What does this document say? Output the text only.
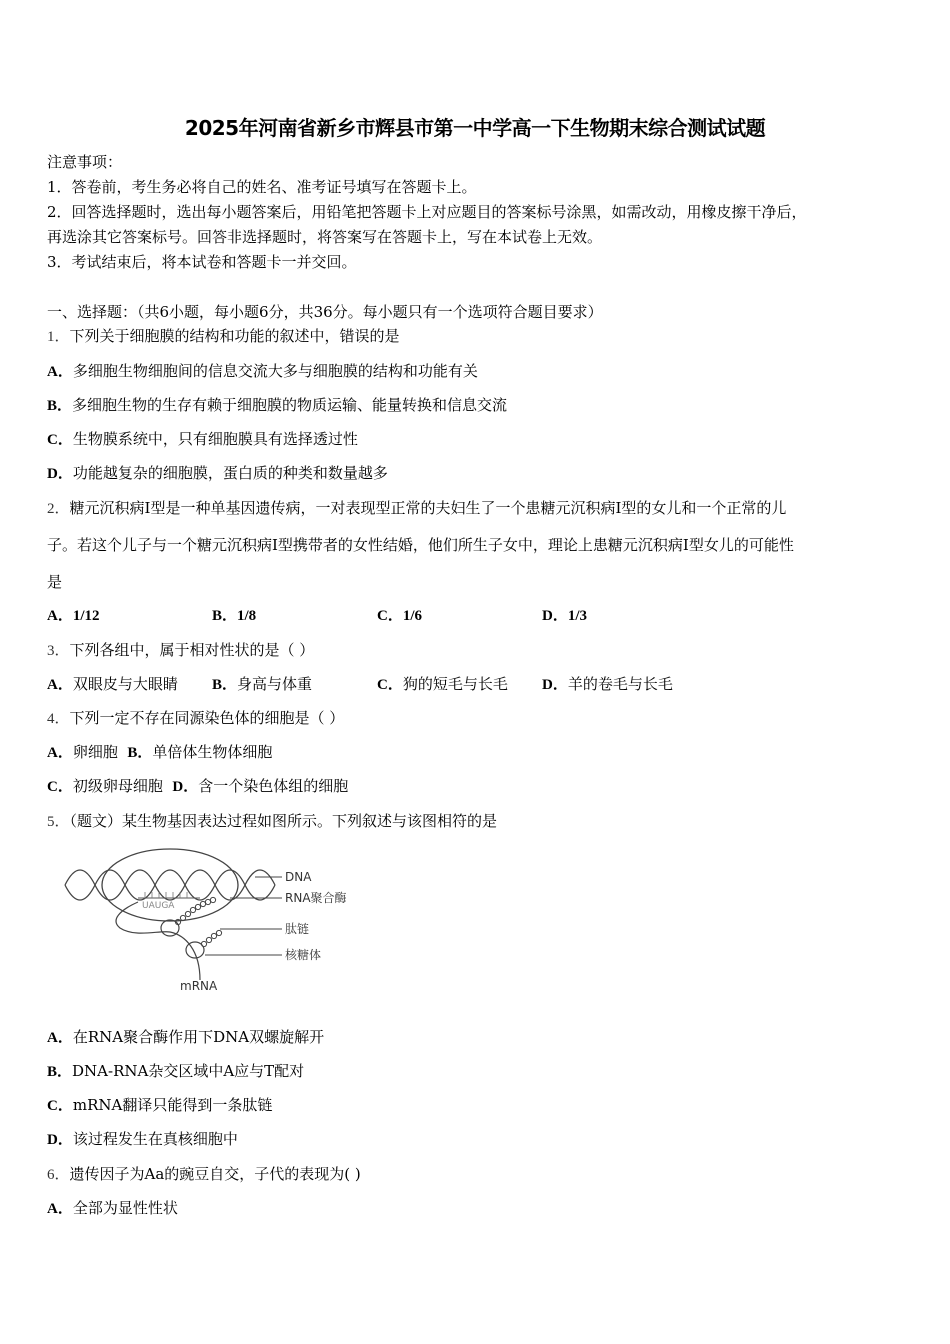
2025年河南省新乡市辉县市第一中学高一下生物期末综合测试试题
注意事项：
1．答卷前，考生务必将自己的姓名、准考证号填写在答题卡上。
2．回答选择题时，选出每小题答案后，用铅笔把答题卡上对应题目的答案标号涂黑，如需改动，用橡皮擦干净后，
再选涂其它答案标号。回答非选择题时，将答案写在答题卡上，写在本试卷上无效。
3．考试结束后，将本试卷和答题卡一并交回。
一、选择题：（共6小题，每小题6分，共36分。每小题只有一个选项符合题目要求）
1．下列关于细胞膜的结构和功能的叙述中，错误的是
A．多细胞生物细胞间的信息交流大多与细胞膜的结构和功能有关
B．多细胞生物的生存有赖于细胞膜的物质运输、能量转换和信息交流
C．生物膜系统中，只有细胞膜具有选择透过性
D．功能越复杂的细胞膜，蛋白质的种类和数量越多
2．糖元沉积病Ⅰ型是一种单基因遗传病，一对表现型正常的夫妇生了一个患糖元沉积病Ⅰ型的女儿和一个正常的儿
子。若这个儿子与一个糖元沉积病Ⅰ型携带者的女性结婚，他们所生子女中，理论上患糖元沉积病Ⅰ型女儿的可能性
是
A．1/12	B．1/8	C．1/6	D．1/3
3．下列各组中，属于相对性状的是（ ）
A．双眼皮与大眼睛 B．身高与体重	C．狗的短毛与长毛 D．羊的卷毛与长毛
4．下列一定不存在同源染色体的细胞是（ ）
A．卵细胞 B．单倍体生物体细胞
C．初级卵母细胞 D．含一个染色体组的细胞
5．（题文）某生物基因表达过程如图所示。下列叙述与该图相符的是
UAUGA
DNA
RNA聚合酶
肽链
核糖体
mRNA
A．在RNA聚合酶作用下DNA双螺旋解开
B．DNA-RNA杂交区域中A应与T配对
C．mRNA翻译只能得到一条肽链
D．该过程发生在真核细胞中
6．遗传因子为Aa的豌豆自交，子代的表现为( )
A．全部为显性性状
